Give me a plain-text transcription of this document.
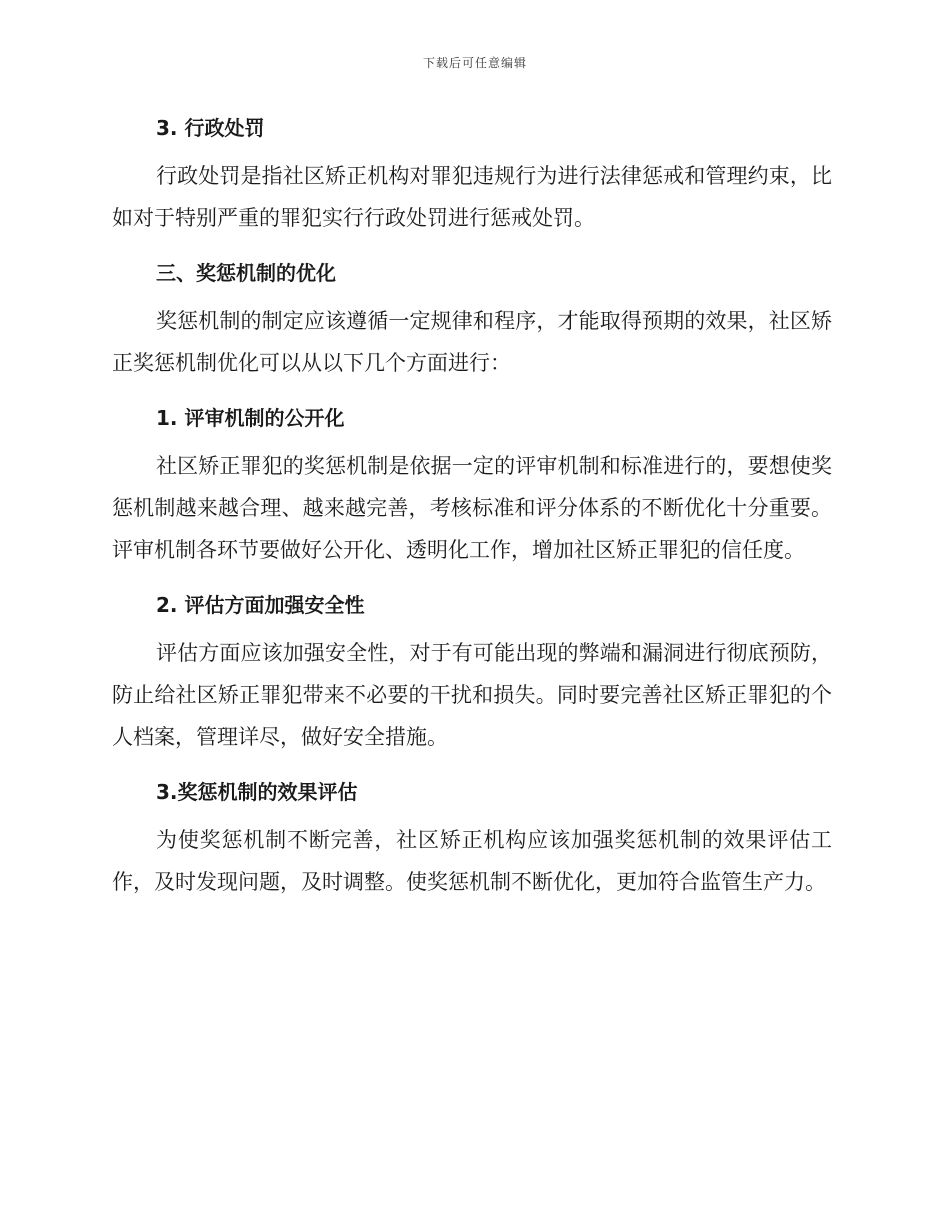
下载后可任意编辑

3. 行政处罚

行政处罚是指社区矫正机构对罪犯违规行为进行法律惩戒和管理约束，比如对于特别严重的罪犯实行行政处罚进行惩戒处罚。

三、奖惩机制的优化

奖惩机制的制定应该遵循一定规律和程序，才能取得预期的效果，社区矫正奖惩机制优化可以从以下几个方面进行：

1. 评审机制的公开化

社区矫正罪犯的奖惩机制是依据一定的评审机制和标准进行的，要想使奖惩机制越来越合理、越来越完善，考核标准和评分体系的不断优化十分重要。评审机制各环节要做好公开化、透明化工作，增加社区矫正罪犯的信任度。

2. 评估方面加强安全性

评估方面应该加强安全性，对于有可能出现的弊端和漏洞进行彻底预防，防止给社区矫正罪犯带来不必要的干扰和损失。同时要完善社区矫正罪犯的个人档案，管理详尽，做好安全措施。

3.奖惩机制的效果评估

为使奖惩机制不断完善，社区矫正机构应该加强奖惩机制的效果评估工作，及时发现问题，及时调整。使奖惩机制不断优化，更加符合监管生产力。
